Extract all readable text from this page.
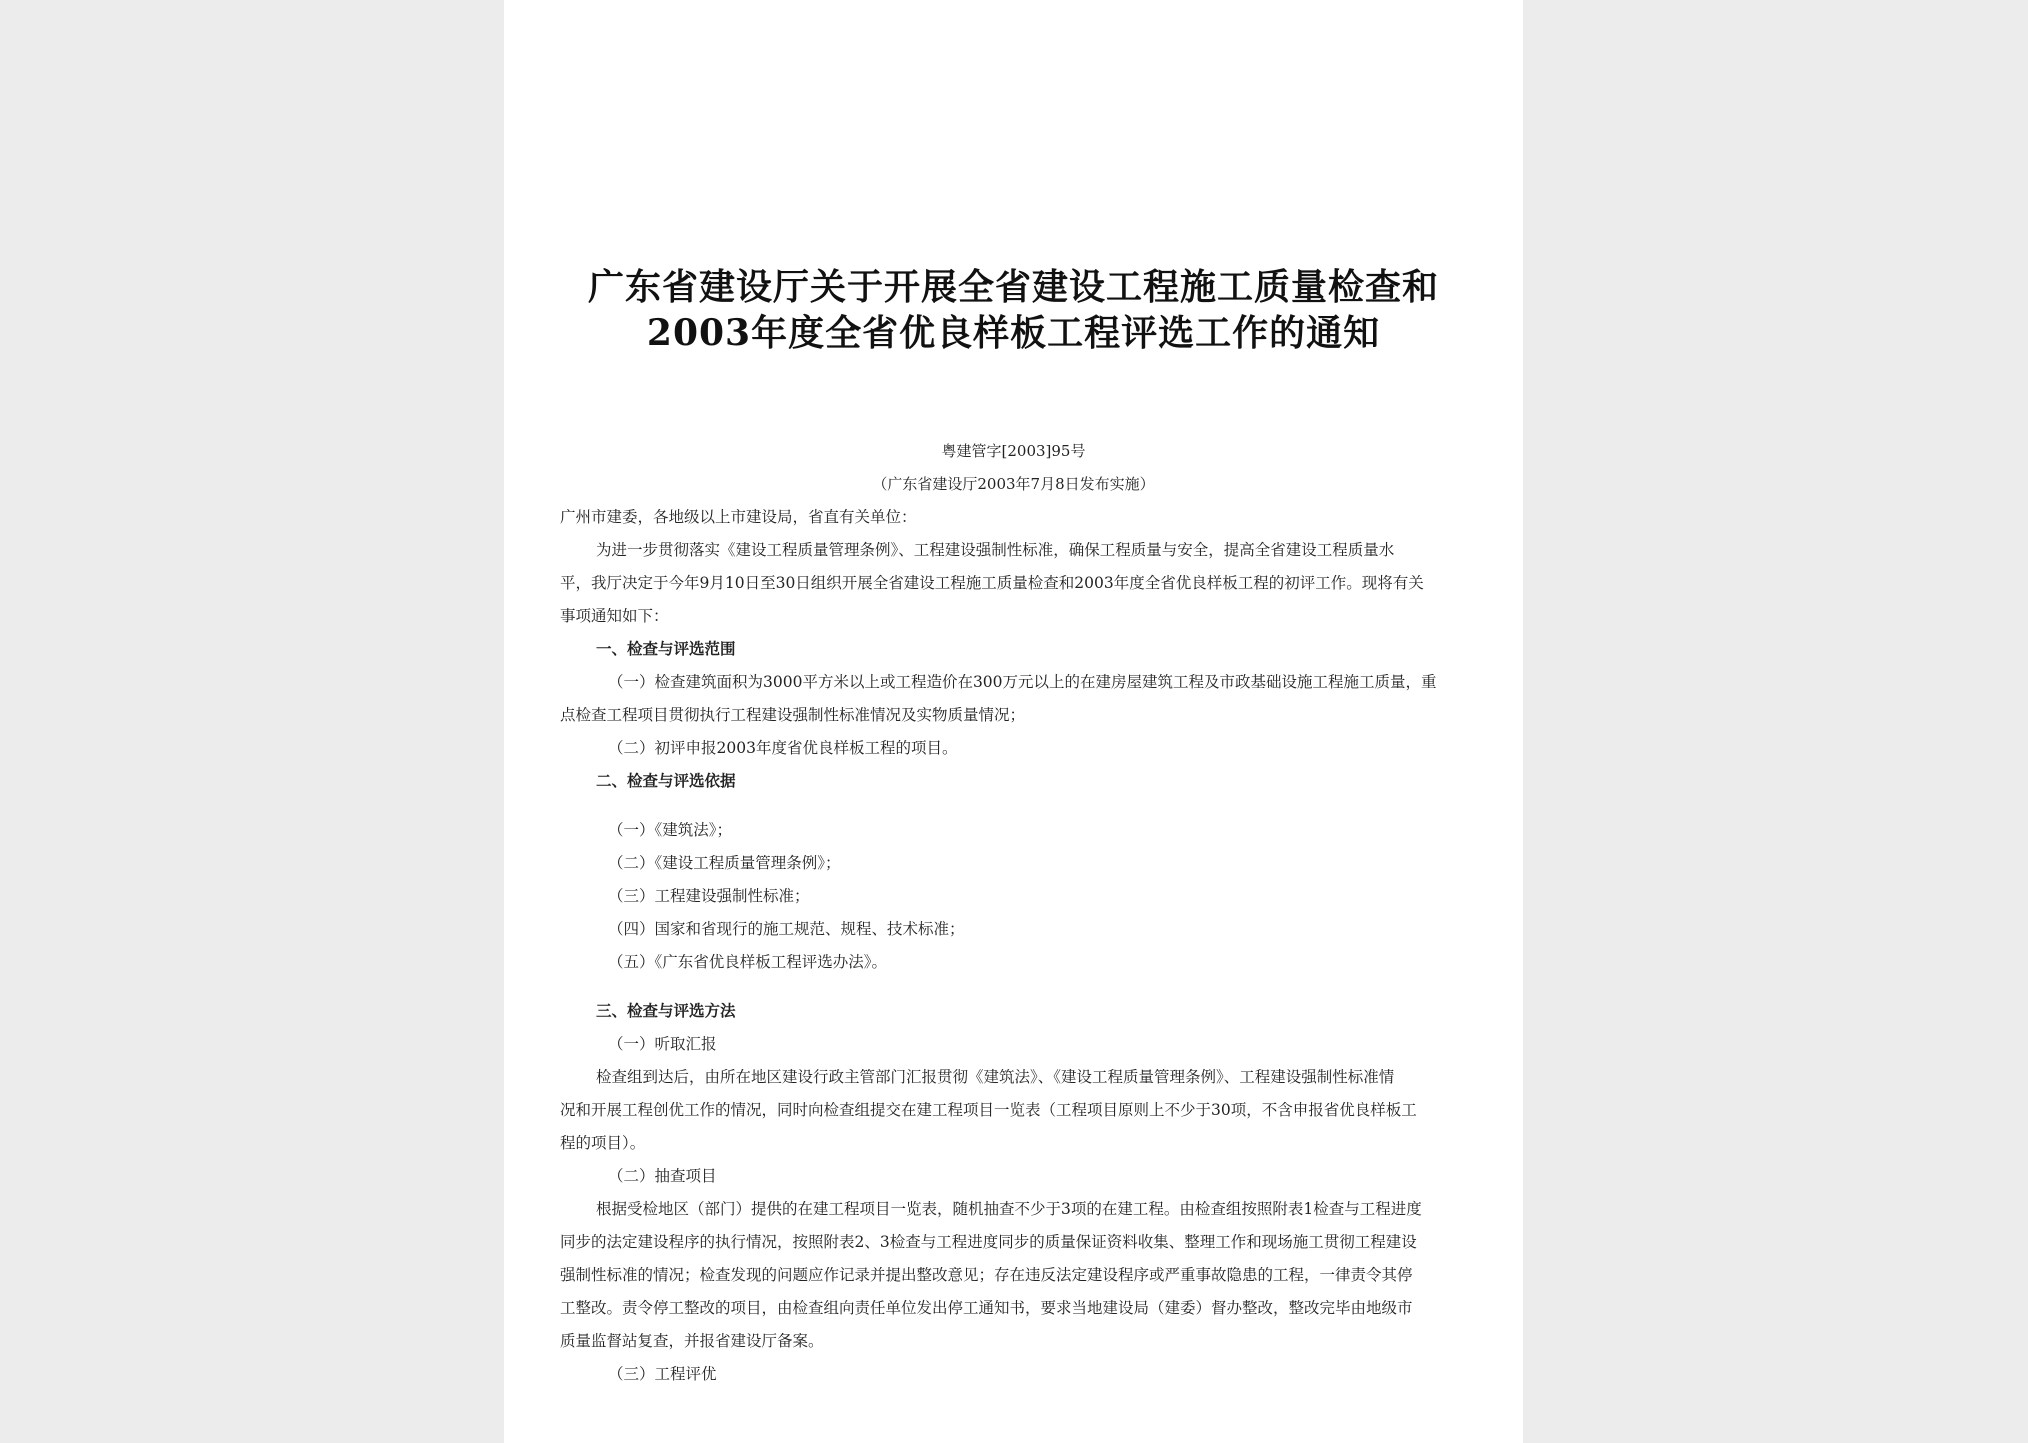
广东省建设厅关于开展全省建设工程施工质量检查和
2003年度全省优良样板工程评选工作的通知
粤建管字[2003]95号
（广东省建设厅2003年7月8日发布实施）
广州市建委，各地级以上市建设局，省直有关单位：
为进一步贯彻落实《建设工程质量管理条例》、工程建设强制性标准，确保工程质量与安全，提高全省建设工程质量水
平，我厅决定于今年9月10日至30日组织开展全省建设工程施工质量检查和2003年度全省优良样板工程的初评工作。现将有关
事项通知如下：
一、检查与评选范围
（一）检查建筑面积为3000平方米以上或工程造价在300万元以上的在建房屋建筑工程及市政基础设施工程施工质量，重
点检查工程项目贯彻执行工程建设强制性标准情况及实物质量情况；
（二）初评申报2003年度省优良样板工程的项目。
二、检查与评选依据
（一）《建筑法》；
（二）《建设工程质量管理条例》；
（三）工程建设强制性标准；
（四）国家和省现行的施工规范、规程、技术标准；
（五）《广东省优良样板工程评选办法》。
三、检查与评选方法
（一）听取汇报
检查组到达后，由所在地区建设行政主管部门汇报贯彻《建筑法》、《建设工程质量管理条例》、工程建设强制性标准情
况和开展工程创优工作的情况，同时向检查组提交在建工程项目一览表（工程项目原则上不少于30项，不含申报省优良样板工
程的项目）。
（二）抽查项目
根据受检地区（部门）提供的在建工程项目一览表，随机抽查不少于3项的在建工程。由检查组按照附表1检查与工程进度
同步的法定建设程序的执行情况，按照附表2、3检查与工程进度同步的质量保证资料收集、整理工作和现场施工贯彻工程建设
强制性标准的情况；检查发现的问题应作记录并提出整改意见；存在违反法定建设程序或严重事故隐患的工程，一律责令其停
工整改。责令停工整改的项目，由检查组向责任单位发出停工通知书，要求当地建设局（建委）督办整改，整改完毕由地级市
质量监督站复查，并报省建设厅备案。
（三）工程评优
